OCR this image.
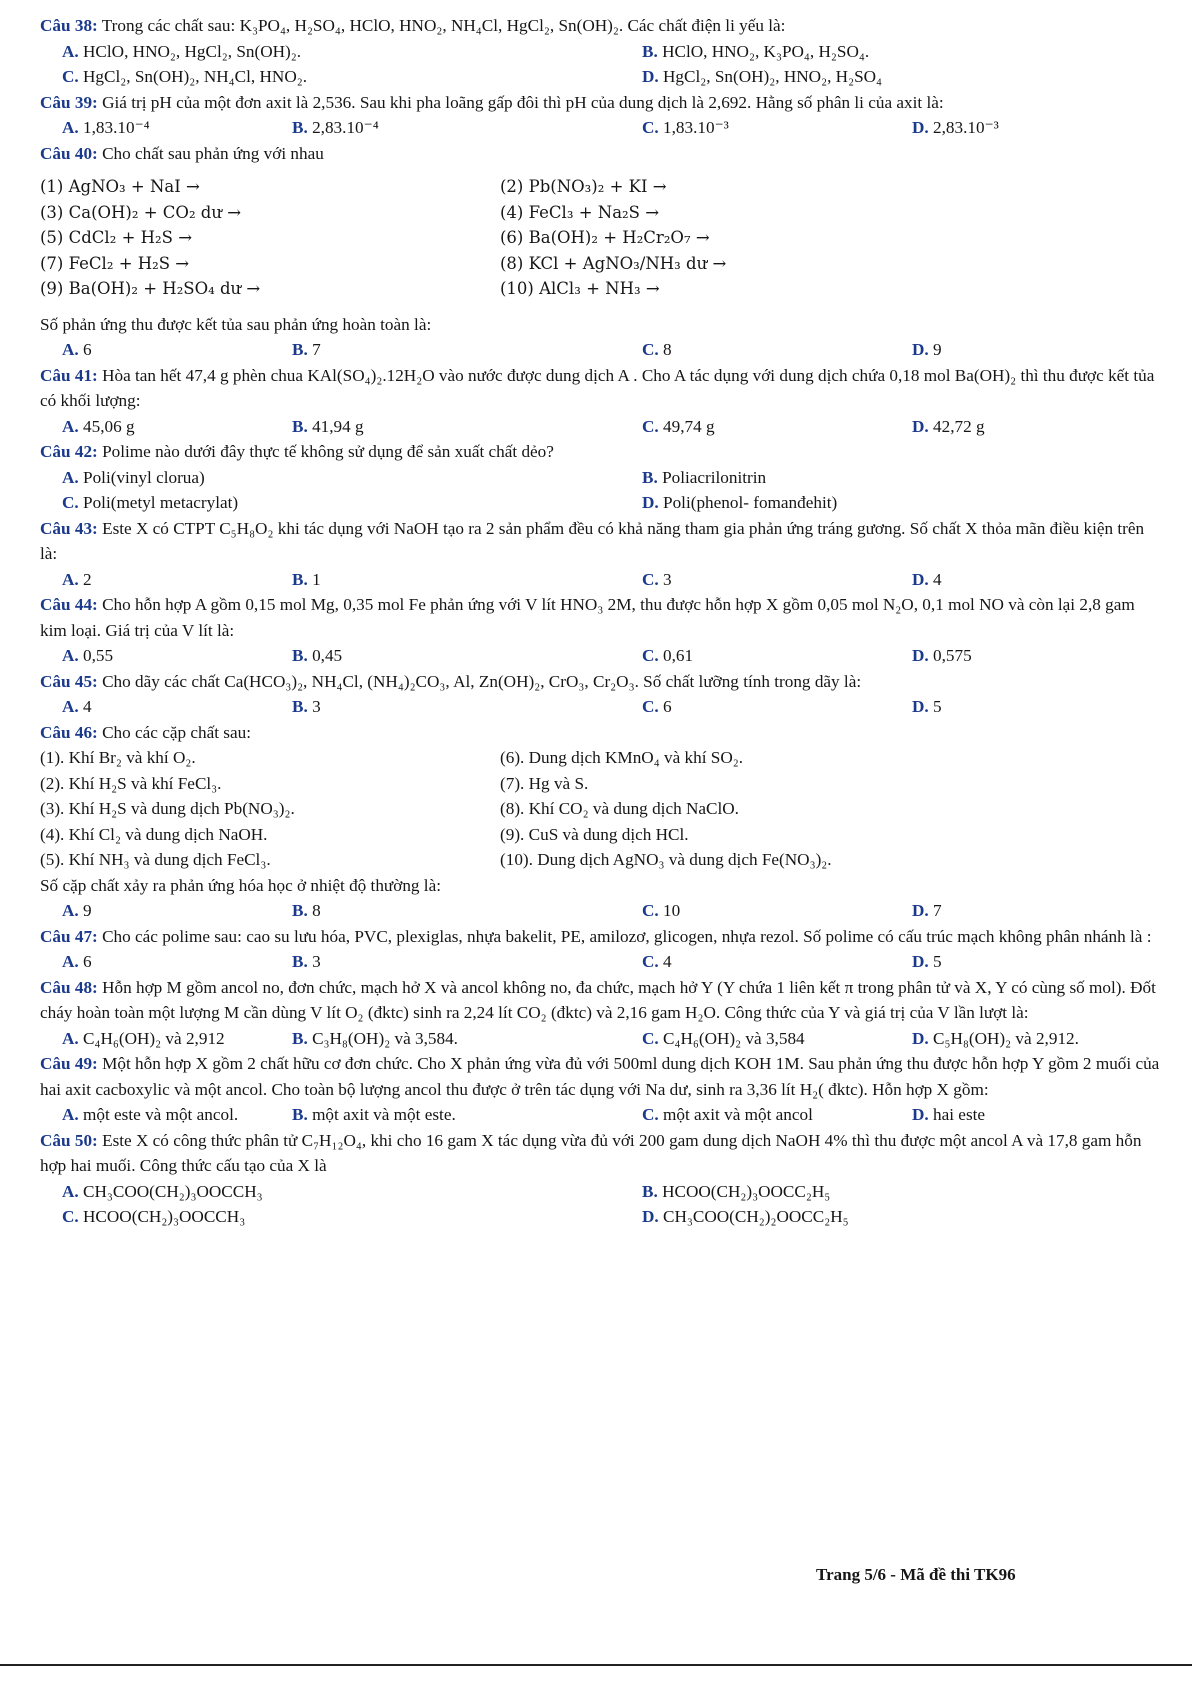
Câu 38: Trong các chất sau: K₃PO₄, H₂SO₄, HClO, HNO₂, NH₄Cl, HgCl₂, Sn(OH)₂. Các chất điện li yếu là:

A. HClO, HNO₂, HgCl₂, Sn(OH)₂.	B. HClO, HNO₂, K₃PO₄, H₂SO₄.
C. HgCl₂, Sn(OH)₂, NH₄Cl, HNO₂.	D. HgCl₂, Sn(OH)₂, HNO₂, H₂SO₄

Câu 39: Giá trị pH của một đơn axit là 2,536. Sau khi pha loãng gấp đôi thì pH của dung dịch là 2,692. Hằng số phân li của axit là:

A. 1,83.10⁻⁴	B. 2,83.10⁻⁴	C. 1,83.10⁻³	D. 2,83.10⁻³

Câu 40: Cho chất sau phản ứng với nhau

(1) AgNO₃ + NaI →	(2) Pb(NO₃)₂ + KI →
(3) Ca(OH)₂ + CO₂ dư →	(4) FeCl₃ + Na₂S →
(5) CdCl₂ + H₂S →	(6) Ba(OH)₂ + H₂Cr₂O₇ →
(7) FeCl₂ + H₂S →	(8) KCl + AgNO₃/NH₃ dư →
(9) Ba(OH)₂ + H₂SO₄ dư →	(10) AlCl₃ + NH₃ →

Số phản ứng thu được kết tủa sau phản ứng hoàn toàn là:

A. 6	B. 7	C. 8	D. 9

Câu 41: Hòa tan hết 47,4 g phèn chua KAl(SO₄)₂.12H₂O vào nước được dung dịch A . Cho A tác dụng với dung dịch chứa 0,18 mol Ba(OH)₂ thì thu được kết tủa có khối lượng:

A. 45,06 g	B. 41,94 g	C. 49,74 g	D. 42,72 g

Câu 42: Polime nào dưới đây thực tế không sử dụng để sản xuất chất dẻo?

A. Poli(vinyl clorua)	B. Poliacrilonitrin
C. Poli(metyl metacrylat)	D. Poli(phenol- fomanđehit)

Câu 43: Este X có CTPT C₅H₈O₂ khi tác dụng với NaOH tạo ra 2 sản phẩm đều có khả năng tham gia phản ứng tráng gương. Số chất X thỏa mãn điều kiện trên là:

A. 2	B. 1	C. 3	D. 4

Câu 44: Cho hỗn hợp A gồm 0,15 mol Mg, 0,35 mol Fe phản ứng với V lít HNO₃ 2M, thu được hỗn hợp X gồm 0,05 mol N₂O, 0,1 mol NO và còn lại 2,8 gam kim loại. Giá trị của V lít là:

A. 0,55	B. 0,45	C. 0,61	D. 0,575

Câu 45: Cho dãy các chất Ca(HCO₃)₂, NH₄Cl, (NH₄)₂CO₃, Al, Zn(OH)₂, CrO₃, Cr₂O₃. Số chất lưỡng tính trong dãy là:

A. 4	B. 3	C. 6	D. 5

Câu 46: Cho các cặp chất sau:

(1). Khí Br₂ và khí O₂.	(6). Dung dịch KMnO₄ và khí SO₂.
(2). Khí H₂S và khí FeCl₃.	(7). Hg và S.
(3). Khí H₂S và dung dịch Pb(NO₃)₂.	(8). Khí CO₂ và dung dịch NaClO.
(4). Khí Cl₂ và dung dịch NaOH.	(9). CuS và dung dịch HCl.
(5). Khí NH₃ và dung dịch FeCl₃.	(10). Dung dịch AgNO₃ và dung dịch Fe(NO₃)₂.

Số cặp chất xảy ra phản ứng hóa học ở nhiệt độ thường là:

A. 9	B. 8	C. 10	D. 7

Câu 47: Cho các polime sau: cao su lưu hóa, PVC, plexiglas, nhựa bakelit, PE, amilozơ, glicogen, nhựa rezol. Số polime có cấu trúc mạch không phân nhánh là :

A. 6	B. 3	C. 4	D. 5

Câu 48: Hỗn hợp M gồm ancol no, đơn chức, mạch hở X và ancol không no, đa chức, mạch hở Y (Y chứa 1 liên kết π trong phân tử và X, Y có cùng số mol). Đốt cháy hoàn toàn một lượng M cần dùng V lít O₂ (đktc) sinh ra 2,24 lít CO₂ (đktc) và 2,16 gam H₂O. Công thức của Y và giá trị của V lần lượt là:

A. C₄H₆(OH)₂ và 2,912	B. C₃H₈(OH)₂ và 3,584.	C. C₄H₆(OH)₂ và 3,584	D. C₅H₈(OH)₂ và 2,912.

Câu 49: Một hỗn hợp X gồm 2 chất hữu cơ đơn chức. Cho X phản ứng vừa đủ với 500ml dung dịch KOH 1M. Sau phản ứng thu được hỗn hợp Y gồm 2 muối của hai axit cacboxylic và một ancol. Cho toàn bộ lượng ancol thu được ở trên tác dụng với Na dư, sinh ra 3,36 lít H₂( đktc). Hỗn hợp X gồm:

A. một este và một ancol.	B. một axit và một este.	C. một axit và một ancol	D. hai este

Câu 50: Este X có công thức phân tử C₇H₁₂O₄, khi cho 16 gam X tác dụng vừa đủ với 200 gam dung dịch NaOH 4% thì thu được một ancol A và 17,8 gam hỗn hợp hai muối. Công thức cấu tạo của X là

A. CH₃COO(CH₂)₃OOCCH₃	B. HCOO(CH₂)₃OOCC₂H₅
C. HCOO(CH₂)₃OOCCH₃	D. CH₃COO(CH₂)₂OOCC₂H₅
Trang 5/6 - Mã đề thi TK96
